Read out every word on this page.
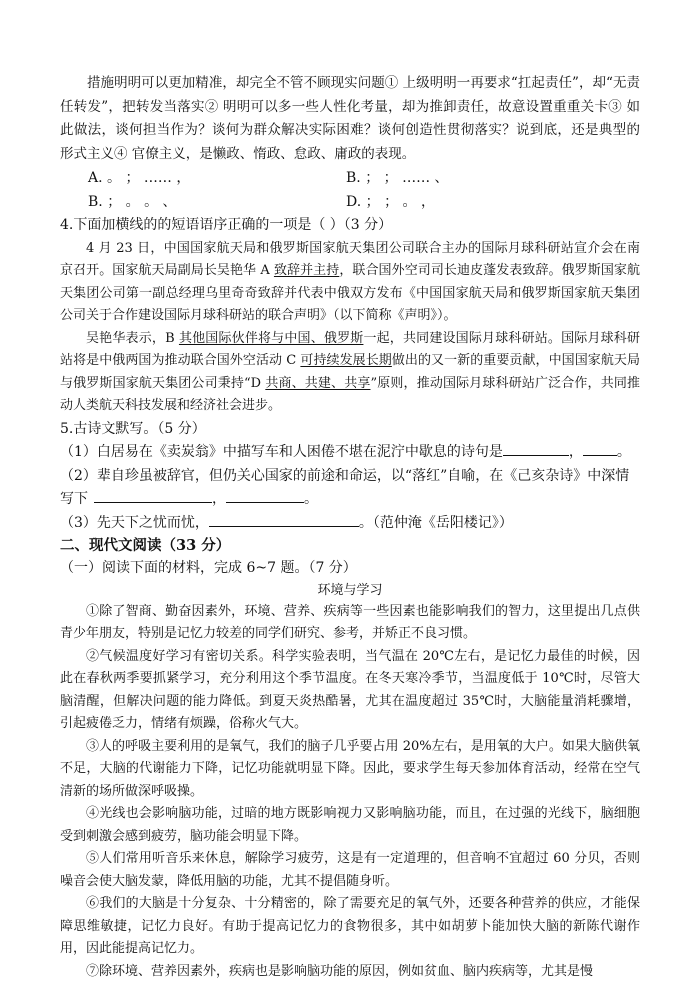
措施明明可以更加精准，却完全不管不顾现实问题① 上级明明一再要求“扛起责任”，却“无责任转发”，把转发当落实② 明明可以多一些人性化考量，却为推卸责任，故意设置重重关卡③ 如此做法，谈何担当作为？谈何为群众解决实际困难？谈何创造性贯彻落实？说到底，还是典型的形式主义④ 官僚主义，是懒政、惰政、怠政、庸政的表现。

A. 。 ； …… ，	B. ； ； …… 、
B. ； 。 。 、	D. ； ； 。 ，

4.下面加横线的的短语语序正确的一项是（ ）（3 分）

4 月 23 日，中国国家航天局和俄罗斯国家航天集团公司联合主办的国际月球科研站宣介会在南京召开。国家航天局副局长吴艳华 A 致辞并主持，联合国外空司司长迪皮蓬发表致辞。俄罗斯国家航天集团公司第一副总经理乌里奇奇致辞并代表中俄双方发布《中国国家航天局和俄罗斯国家航天集团公司关于合作建设国际月球科研站的联合声明》（以下简称《声明》）。

吴艳华表示，B 其他国际伙伴将与中国、俄罗斯一起，共同建设国际月球科研站。国际月球科研站将是中俄两国为推动联合国外空活动 C 可持续发展长期做出的又一新的重要贡献，中国国家航天局与俄罗斯国家航天集团公司秉持“D 共商、共建、共享”原则，推动国际月球科研站广泛合作，共同推动人类航天科技发展和经济社会进步。

5.古诗文默写。（5 分）

（1）白居易在《卖炭翁》中描写车和人困倦不堪在泥泞中歇息的诗句是	， 。

（2）辈自珍虽被辞官，但仍关心国家的前途和命运，以“落红”自喻，在《己亥杂诗》中深情写下	，	。

（3）先天下之忧而忧，	。（范仲淹《岳阳楼记》）

二、现代文阅读（33 分）

（一）阅读下面的材料，完成 6~7 题。（7 分）

环境与学习

①除了智商、勤奋因素外，环境、营养、疾病等一些因素也能影响我们的智力，这里提出几点供青少年朋友，特别是记忆力较差的同学们研究、参考，并矫正不良习惯。

②气候温度好学习有密切关系。科学实验表明，当气温在 20℃左右，是记忆力最佳的时候，因此在春秋两季要抓紧学习，充分利用这个季节温度。在冬天寒冷季节，当温度低于 10℃时，尽管大脑清醒，但解决问题的能力降低。到夏天炎热酷暑，尤其在温度超过 35℃时，大脑能量消耗骤增，引起疲倦乏力，情绪有烦躁，俗称火气大。

③人的呼吸主要利用的是氧气，我们的脑子几乎要占用 20%左右，是用氧的大户。如果大脑供氧不足，大脑的代谢能力下降，记忆功能就明显下降。因此，要求学生每天参加体育活动，经常在空气清新的场所做深呼吸操。

④光线也会影响脑功能，过暗的地方既影响视力又影响脑功能，而且，在过强的光线下，脑细胞受到刺激会感到疲劳，脑功能会明显下降。

⑤人们常用听音乐来休息，解除学习疲劳，这是有一定道理的，但音响不宜超过 60 分贝，否则噪音会使大脑发蒙，降低用脑的功能，尤其不提倡随身听。

⑥我们的大脑是十分复杂、十分精密的，除了需要充足的氧气外，还要各种营养的供应，才能保障思维敏捷，记忆力良好。有助于提高记忆力的食物很多，其中如胡萝卜能加快大脑的新陈代谢作用，因此能提高记忆力。

⑦除环境、营养因素外，疾病也是影响脑功能的原因，例如贫血、脑内疾病等，尤其是慢
